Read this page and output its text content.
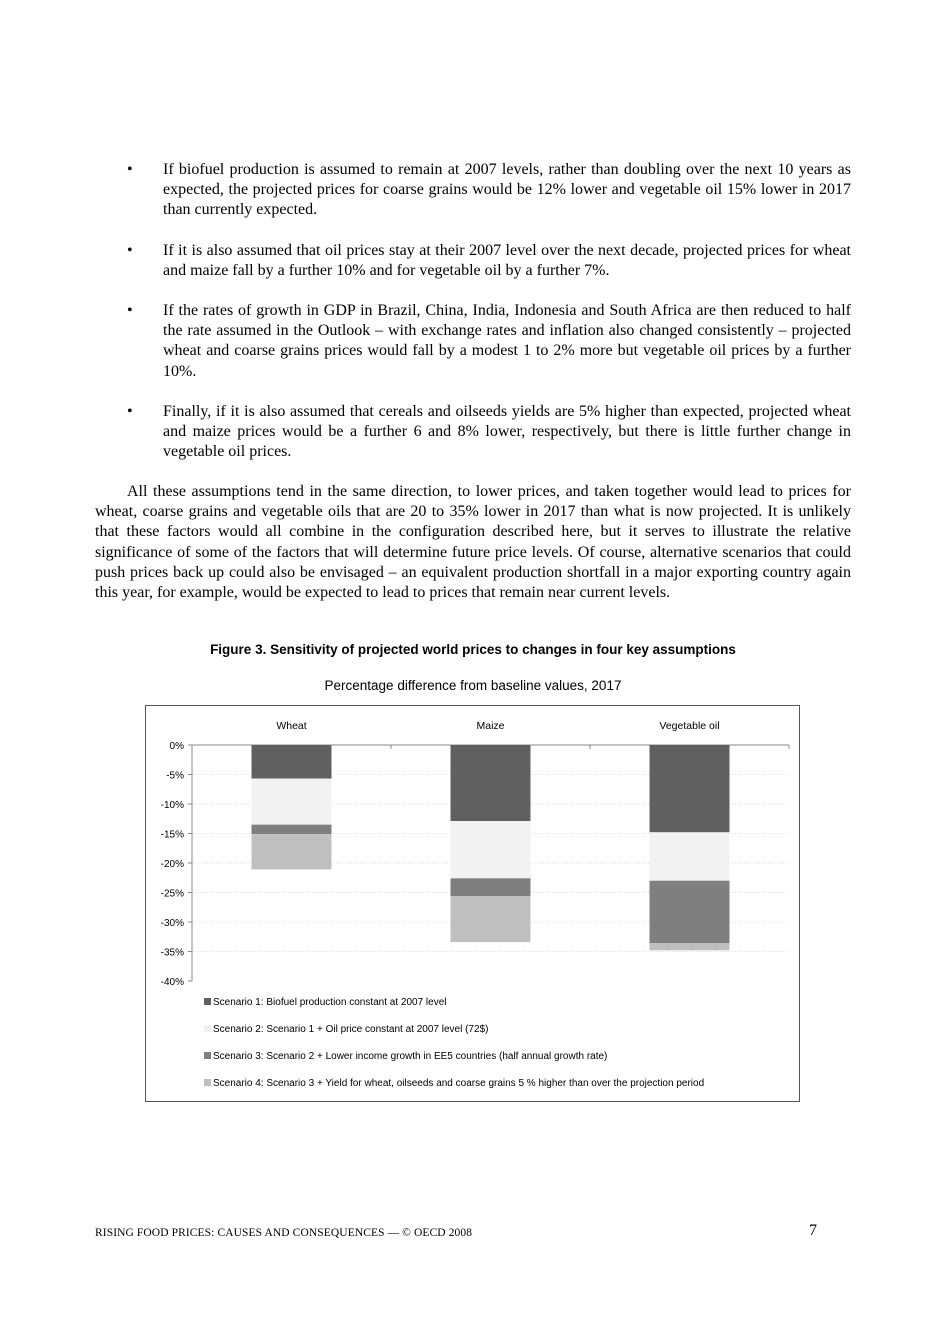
• If biofuel production is assumed to remain at 2007 levels, rather than doubling over the next 10 years as expected, the projected prices for coarse grains would be 12% lower and vegetable oil 15% lower in 2017 than currently expected.
• If it is also assumed that oil prices stay at their 2007 level over the next decade, projected prices for wheat and maize fall by a further 10% and for vegetable oil by a further 7%.
• If the rates of growth in GDP in Brazil, China, India, Indonesia and South Africa are then reduced to half the rate assumed in the Outlook – with exchange rates and inflation also changed consistently – projected wheat and coarse grains prices would fall by a modest 1 to 2% more but vegetable oil prices by a further 10%.
• Finally, if it is also assumed that cereals and oilseeds yields are 5% higher than expected, projected wheat and maize prices would be a further 6 and 8% lower, respectively, but there is little further change in vegetable oil prices.

All these assumptions tend in the same direction, to lower prices, and taken together would lead to prices for wheat, coarse grains and vegetable oils that are 20 to 35% lower in 2017 than what is now projected. It is unlikely that these factors would all combine in the configuration described here, but it serves to illustrate the relative significance of some of the factors that will determine future price levels. Of course, alternative scenarios that could push prices back up could also be envisaged – an equivalent production shortfall in a major exporting country again this year, for example, would be expected to lead to prices that remain near current levels.

Figure 3. Sensitivity of projected world prices to changes in four key assumptions
Percentage difference from baseline values, 2017
0%
-5%
-10%
-15%
-20%
-25%
-30%
-35%
-40%
Wheat	Maize	Vegetable oil
Scenario 1: Biofuel production constant at 2007 level
Scenario 2: Scenario 1 + Oil price constant at 2007 level (72$)
Scenario 3: Scenario 2 + Lower income growth in EE5 countries (half annual growth rate)
Scenario 4: Scenario 3 + Yield for wheat, oilseeds and coarse grains 5 % higher than over the projection period
RISING FOOD PRICES: CAUSES AND CONSEQUENCES — © OECD 2008	7
